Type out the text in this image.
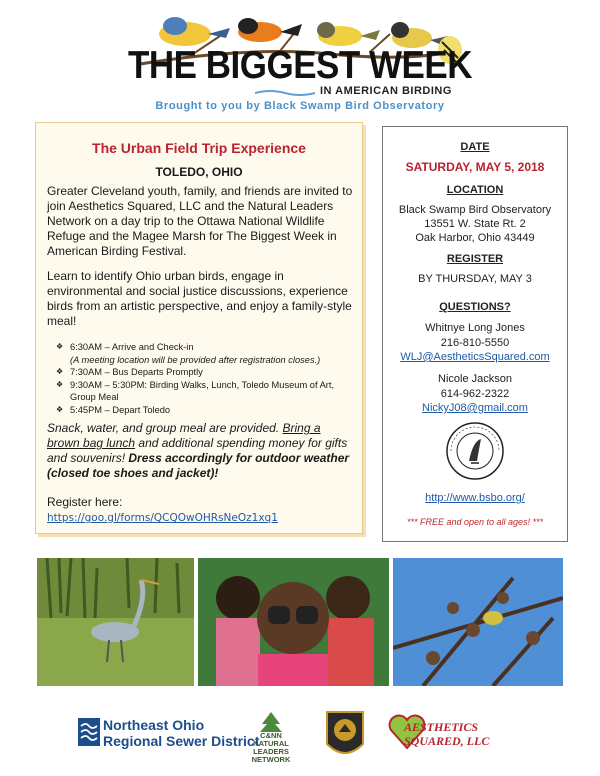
THE BIGGEST WEEK
IN AMERICAN BIRDING
Brought to you by Black Swamp Bird Observatory
The Urban Field Trip Experience
TOLEDO, OHIO
Greater Cleveland youth, family, and friends are invited to join Aesthetics Squared, LLC and the Natural Leaders Network on a day trip to the Ottawa National Wildlife Refuge and the Magee Marsh for The Biggest Week in American Birding Festival.
Learn to identify Ohio urban birds, engage in environmental and social justice discussions, experience birds from an artistic perspective, and enjoy a family-style meal!
❖ 6:30AM – Arrive and Check-in
(A meeting location will be provided after registration closes.)
❖ 7:30AM – Bus Departs Promptly
❖ 9:30AM – 5:30PM: Birding Walks, Lunch, Toledo Museum of Art, Group Meal
❖ 5:45PM – Depart Toledo
Snack, water, and group meal are provided. Bring a brown bag lunch and additional spending money for gifts and souvenirs! Dress accordingly for outdoor weather (closed toe shoes and jacket)!
Register here:
https://goo.gl/forms/QCQOwOHRsNeOz1xq1
DATE
SATURDAY, MAY 5, 2018
LOCATION
Black Swamp Bird Observatory
13551 W. State Rt. 2
Oak Harbor, Ohio 43449
REGISTER
BY THURSDAY, MAY 3
QUESTIONS?
Whitnye Long Jones
216-810-5550
WLJ@AestheticsSquared.com
Nicole Jackson
614-962-2322
NickyJ08@gmail.com
http://www.bsbo.org/
*** FREE and open to all ages! ***
Northeast Ohio
Regional Sewer District C&NN
NATURAL
LEADERS
NETWORK
AESTHETICS
SQUARED, LLC
